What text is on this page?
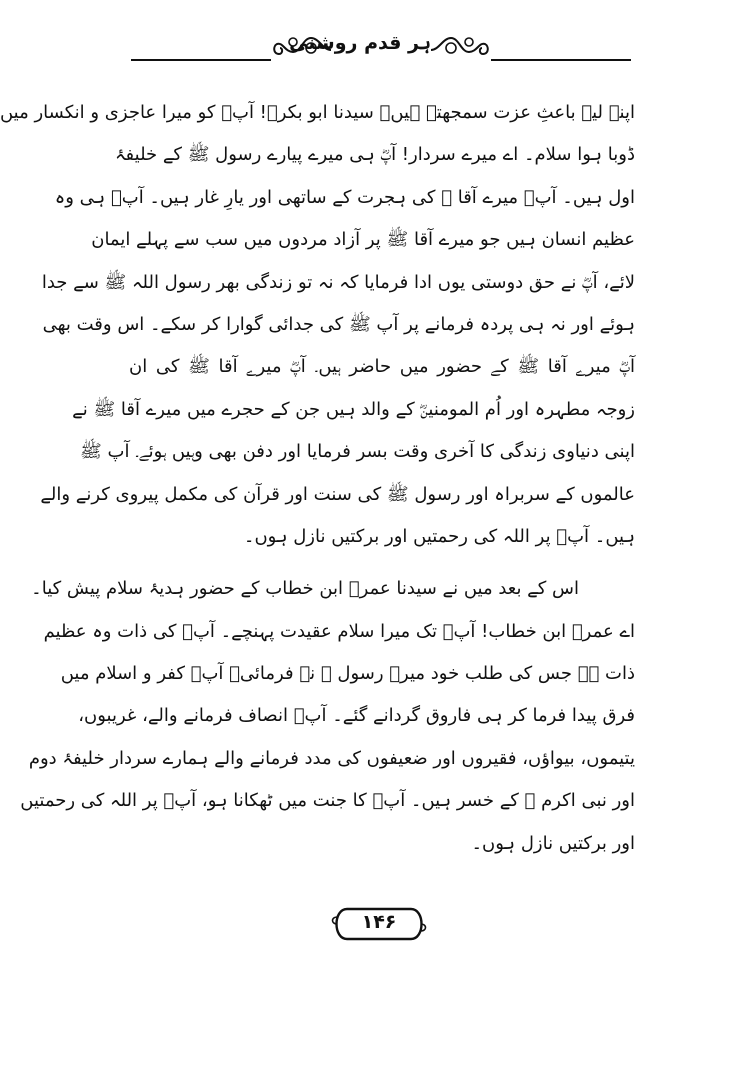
ہر قدم روشنی
اپنے لیے باعثِ عزت سمجھتے ہیں۔ سیدنا ابو بکرؓ! آپؓ کو میرا عاجزی و انکسار میں
ڈوبا ہوا سلام۔ اے میرے سردار! آپؓ ہی میرے پیارے رسول ﷺ کے خلیفۂ
اول ہیں۔ آپؓ میرے آقا ﷺ کی ہجرت کے ساتھی اور یارِ غار ہیں۔ آپؓ ہی وہ
عظیم انسان ہیں جو میرے آقا ﷺ پر آزاد مردوں میں سب سے پہلے ایمان
لائے، آپؓ نے حق دوستی یوں ادا فرمایا کہ نہ تو زندگی بھر رسول اللہ ﷺ سے جدا
ہوئے اور نہ ہی پردہ فرمانے پر آپ ﷺ کی جدائی گوارا کر سکے۔ اس وقت بھی
آپؓ میرے آقا ﷺ کے حضور میں حاضر ہیں۔ آپؓ میرے آقا ﷺ کی ان
زوجہ مطہرہ اور اُم المومنینؓ کے والد ہیں جن کے حجرے میں میرے آقا ﷺ نے
اپنی دنیاوی زندگی کا آخری وقت بسر فرمایا اور دفن بھی وہیں ہوئے۔ آپ ﷺ
عالموں کے سربراہ اور رسول ﷺ کی سنت اور قرآن کی مکمل پیروی کرنے والے
ہیں۔ آپؓ پر اللہ کی رحمتیں اور برکتیں نازل ہوں۔
اس کے بعد میں نے سیدنا عمرؓ ابن خطاب کے حضور ہدیۂ سلام پیش کیا۔
اے عمرؓ ابن خطاب! آپؓ تک میرا سلام عقیدت پہنچے۔ آپؓ کی ذات وہ عظیم
ذات ہے جس کی طلب خود میرے رسول ﷺ نے فرمائی۔ آپؓ کفر و اسلام میں
فرق پیدا فرما کر ہی فاروق گردانے گئے۔ آپؓ انصاف فرمانے والے، غریبوں،
یتیموں، بیواؤں، فقیروں اور ضعیفوں کی مدد فرمانے والے ہمارے سردار خلیفۂ دوم
اور نبی اکرم ﷺ کے خسر ہیں۔ آپؓ کا جنت میں ٹھکانا ہو، آپؓ پر اللہ کی رحمتیں
اور برکتیں نازل ہوں۔
۱۴۶
